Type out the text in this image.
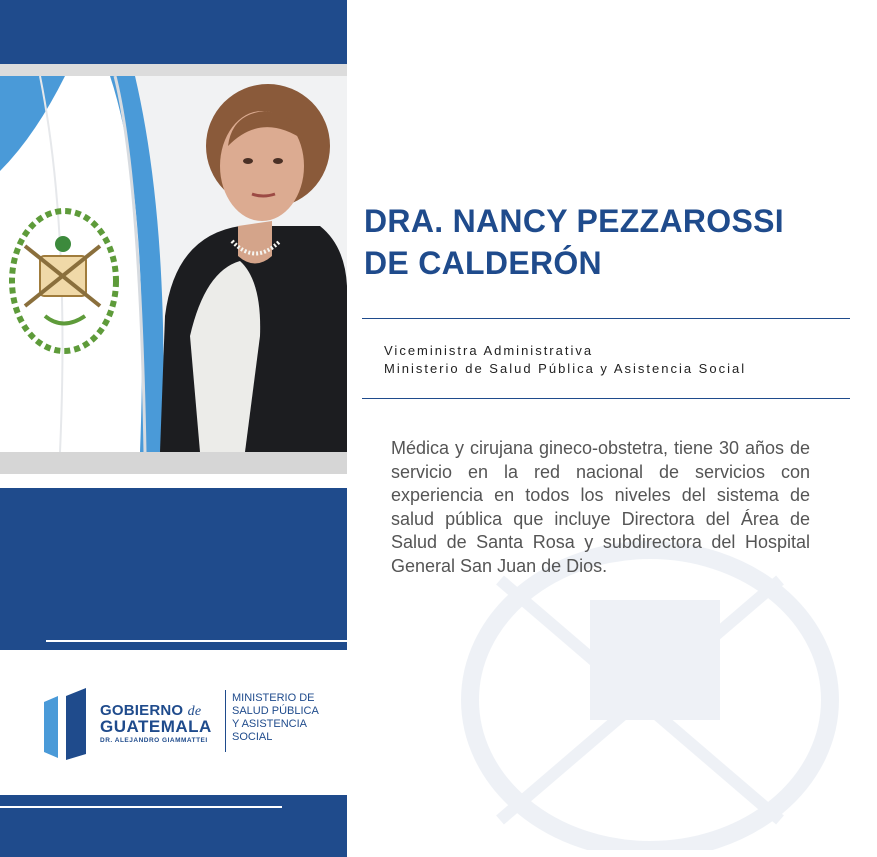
GOBIERNO de
GUATEMALA
DR. ALEJANDRO GIAMMATTEI
MINISTERIO DE
SALUD PÚBLICA
Y ASISTENCIA
SOCIAL
DRA. NANCY PEZZAROSSI
DE CALDERÓN
Viceministra Administrativa
Ministerio de Salud Pública y Asistencia Social
Médica y cirujana gineco-obstetra, tiene 30 años de servicio en la red nacional de servicios con experiencia en todos los niveles del sistema de salud pública que incluye Directora del Área de Salud de Santa Rosa y subdirectora del Hospital General San Juan de Dios.
